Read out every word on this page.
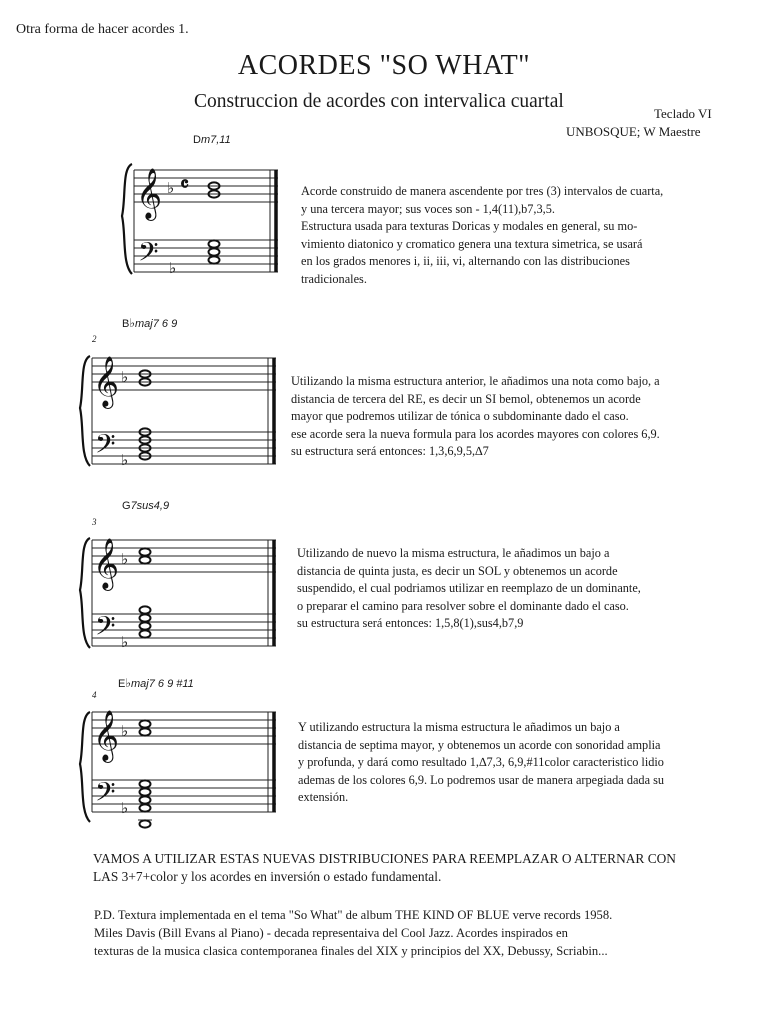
Otra forma de hacer acordes 1.
ACORDES "SO WHAT"
Construccion de acordes con intervalica cuartal
Teclado VI
UNBOSQUE; W Maestre
Dm7,11
𝄞
𝄢
♭
♭
𝄴	Acorde construido de manera ascendente por tres (3) intervalos de cuarta,
y una tercera mayor; sus voces son - 1,4(11),b7,3,5.
Estructura usada para texturas Doricas y modales en general, su mo-
vimiento diatonico y cromatico genera una textura simetrica, se usará
en los grados menores i, ii, iii, vi, alternando con las distribuciones
tradicionales.
B♭maj7 6 9
2
𝄞
𝄢
♭
♭
Utilizando la misma estructura anterior, le añadimos una nota como bajo, a
distancia de tercera del RE, es decir un SI bemol, obtenemos un acorde
mayor que podremos utilizar de tónica o subdominante dado el caso.
ese acorde sera la nueva formula para los acordes mayores con colores 6,9.
su estructura será entonces: 1,3,6,9,5,∆7
G7sus4,9
3
𝄞
𝄢
♭
♭
Utilizando de nuevo la misma estructura, le añadimos un bajo a
distancia de quinta justa, es decir un SOL y obtenemos un acorde
suspendido, el cual podriamos utilizar en reemplazo de un dominante,
o preparar el camino para resolver sobre el dominante dado el caso.
su estructura será entonces: 1,5,8(1),sus4,b7,9
E♭maj7 6 9 #11
4
𝄞
𝄢
♭
♭
Y utilizando estructura la misma estructura le añadimos un bajo a
distancia de septima mayor, y obtenemos un acorde con sonoridad amplia
y profunda, y dará como resultado 1,∆7,3, 6,9,#11color caracteristico lidio
ademas de los colores 6,9. Lo podremos usar de manera arpegiada dada su
extensión.
VAMOS A UTILIZAR ESTAS NUEVAS DISTRIBUCIONES PARA REEMPLAZAR O ALTERNAR CON
LAS 3+7+color y los acordes en inversión o estado fundamental.
P.D. Textura implementada en el tema "So What" de album THE KIND OF BLUE verve records 1958.
Miles Davis (Bill Evans al Piano) - decada representaiva del Cool Jazz. Acordes inspirados en
texturas de la musica clasica contemporanea finales del XIX y principios del XX, Debussy, Scriabin...
